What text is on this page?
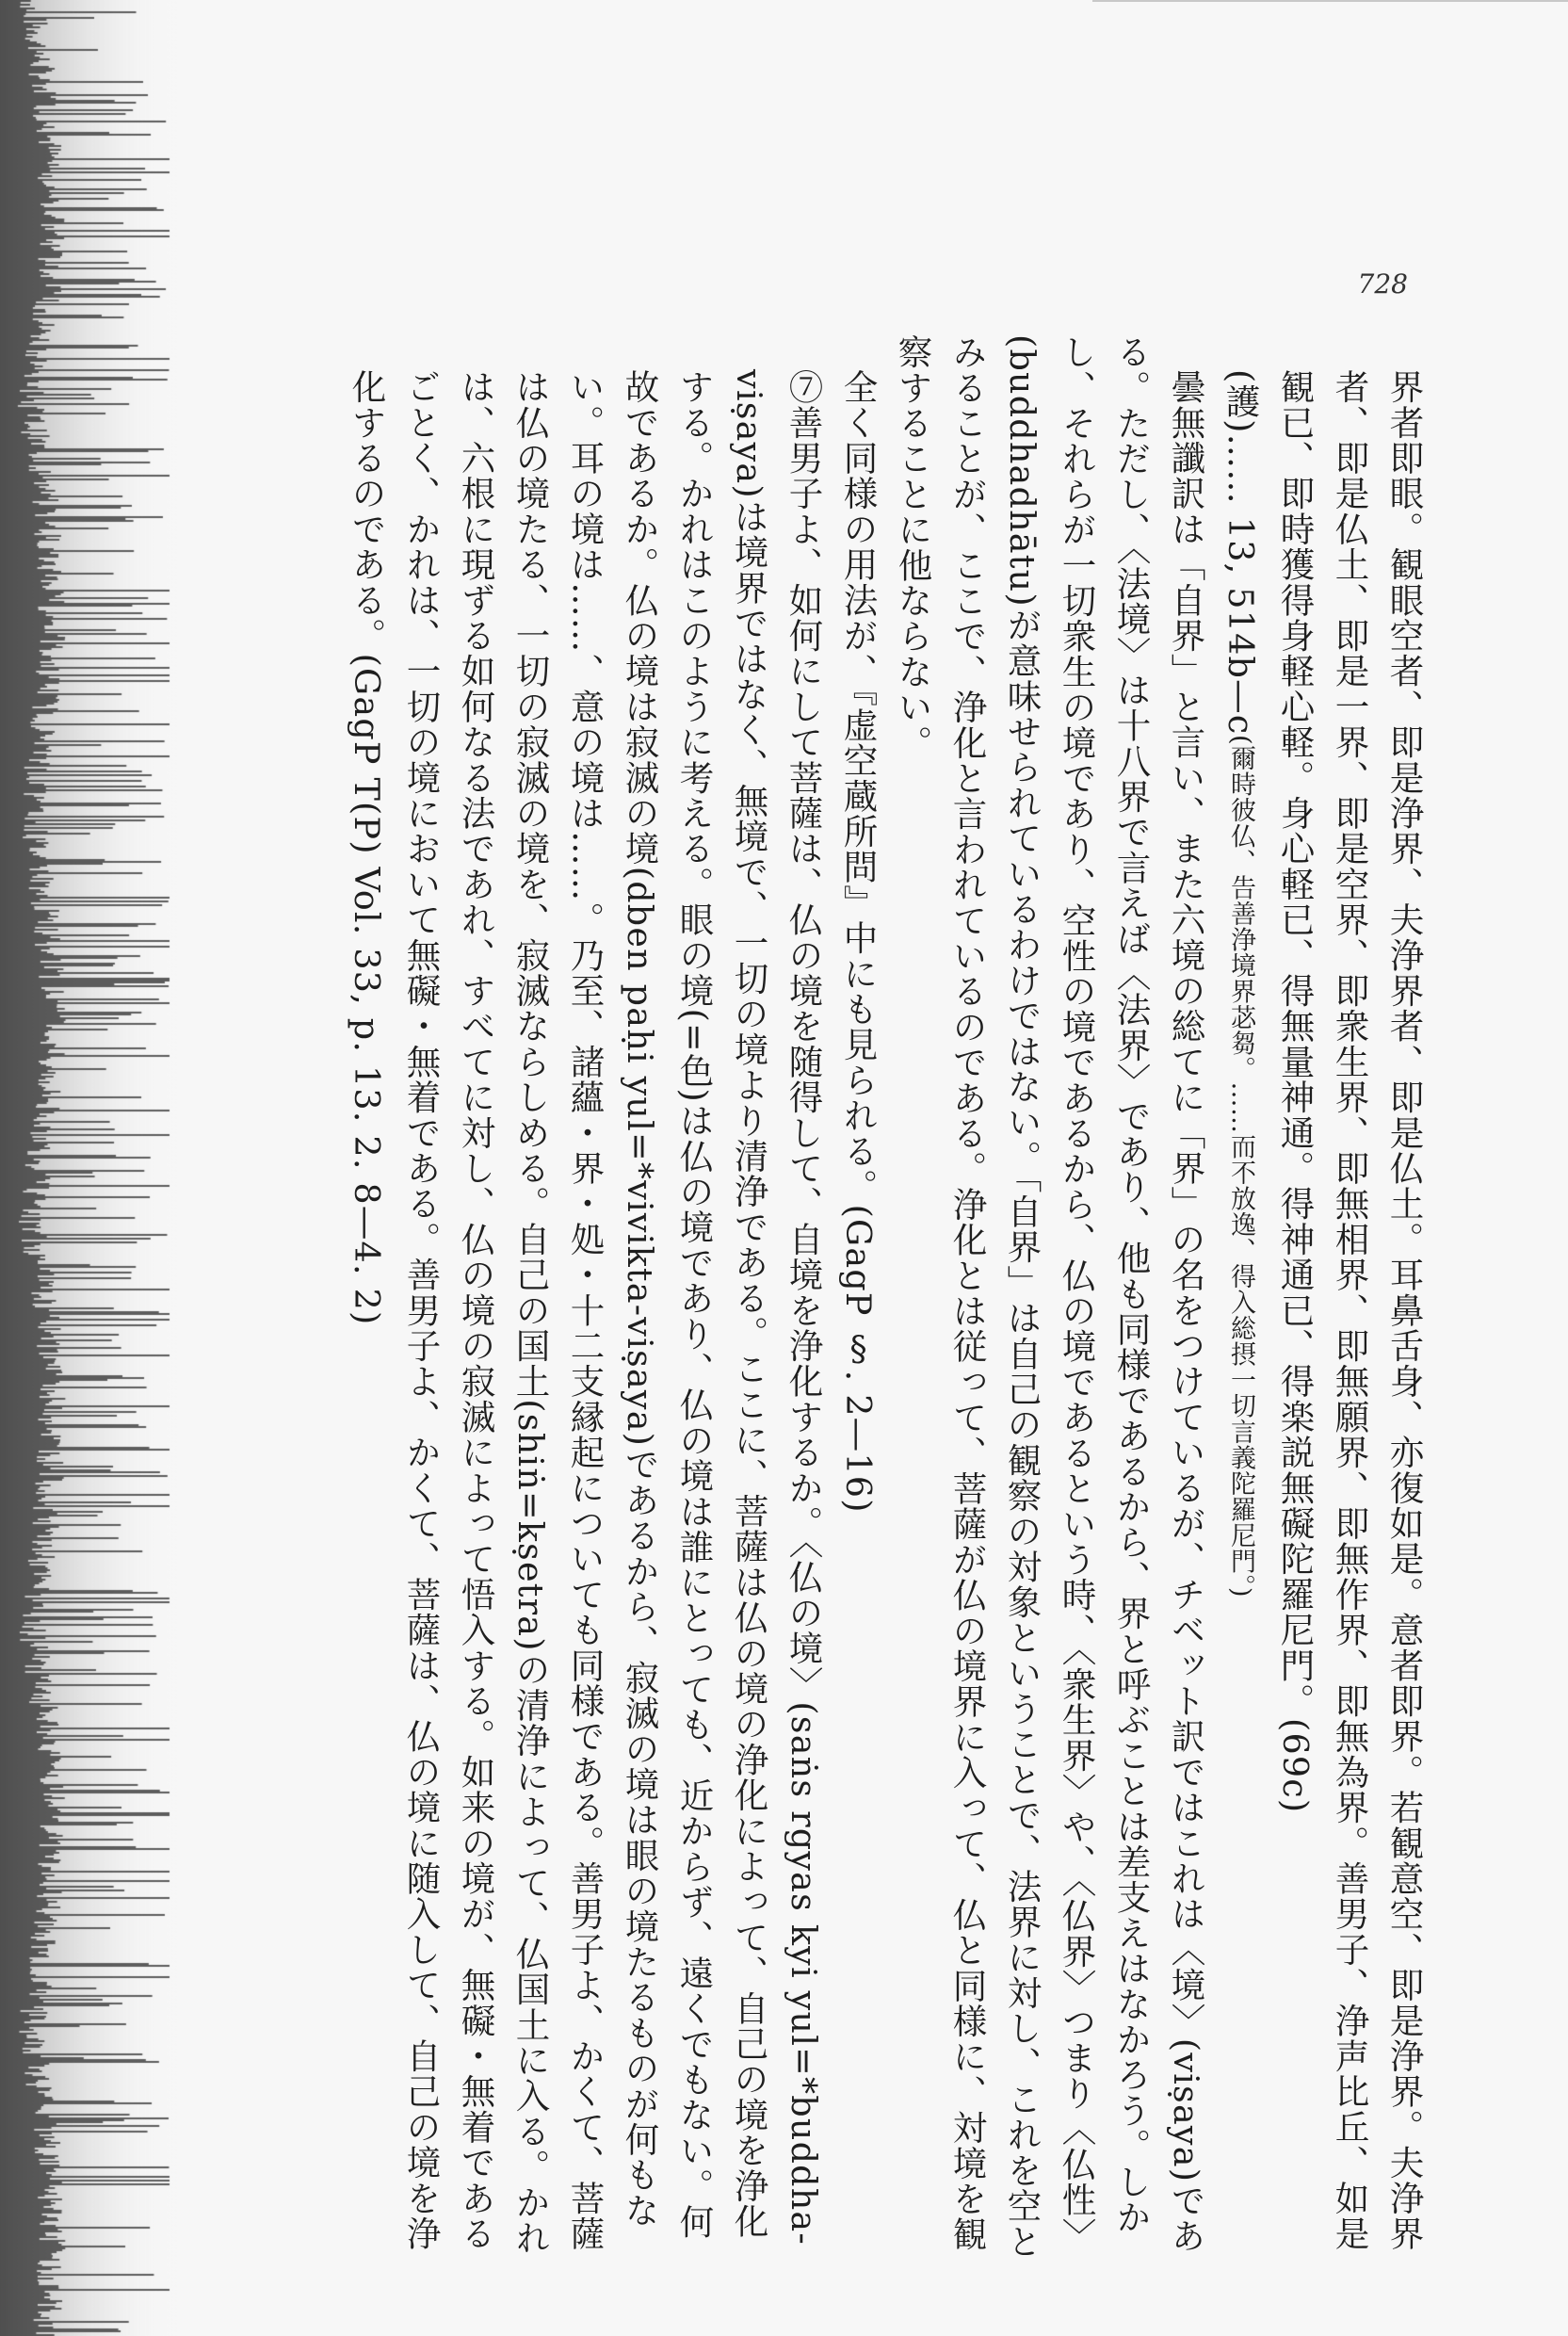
728

界者即眼。観眼空者、即是浄界、夫浄界者、即是仏土。耳鼻舌身、亦復如是。意者即界。若観意空、即是浄界。夫浄界者、即是仏土、即是一界、即是空界、即衆生界、即無相界、即無願界、即無作界、即無為界。善男子、浄声比丘、如是観已、即時獲得身軽心軽。身心軽已、得無量神通。得神通已、得楽説無礙陀羅尼門。(69c)

(護)…… 13, 514b—c(爾時彼仏、告善浄境界苾芻。……而不放逸、得入総摂一切言義陀羅尼門。)

曇無讖訳は「自界」と言い、また六境の総てに「界」の名をつけているが、チベット訳ではこれは〈境〉(viṣaya)である。ただし、〈法境〉は十八界で言えば〈法界〉であり、他も同様であるから、界と呼ぶことは差支えはなかろう。しかし、それらが一切衆生の境であり、空性の境であるから、仏の境であるという時、〈衆生界〉や、〈仏界〉つまり〈仏性〉(buddhadhātu)が意味せられているわけではない。「自界」は自己の観察の対象ということで、法界に対し、これを空とみることが、ここで、浄化と言われているのである。浄化とは従って、菩薩が仏の境界に入って、仏と同様に、対境を観察することに他ならない。

全く同様の用法が、『虚空蔵所問』中にも見られる。(GagP §. 2—16)

⑦善男子よ、如何にして菩薩は、仏の境を随得して、自境を浄化するか。〈仏の境〉(saṅs rgyas kyi yul=*buddha-viṣaya)は境界ではなく、無境で、一切の境より清浄である。ここに、菩薩は仏の境の浄化によって、自己の境を浄化する。かれはこのように考える。眼の境(=色)は仏の境であり、仏の境は誰にとっても、近からず、遠くでもない。何故であるか。仏の境は寂滅の境(dben paḥi yul=*vivikta-viṣaya)であるから、寂滅の境は眼の境たるものが何もない。耳の境は……、意の境は……。乃至、諸蘊・界・処・十二支縁起についても同様である。善男子よ、かくて、菩薩は仏の境たる、一切の寂滅の境を、寂滅ならしめる。自己の国土(shiṅ=kṣetra)の清浄によって、仏国土に入る。かれは、六根に現ずる如何なる法であれ、すべてに対し、仏の境の寂滅によって悟入する。如来の境が、無礙・無着であるごとく、かれは、一切の境において無礙・無着である。善男子よ、かくて、菩薩は、仏の境に随入して、自己の境を浄化するのである。(GagP T(P) Vol. 33, p. 13. 2. 8—4. 2)
